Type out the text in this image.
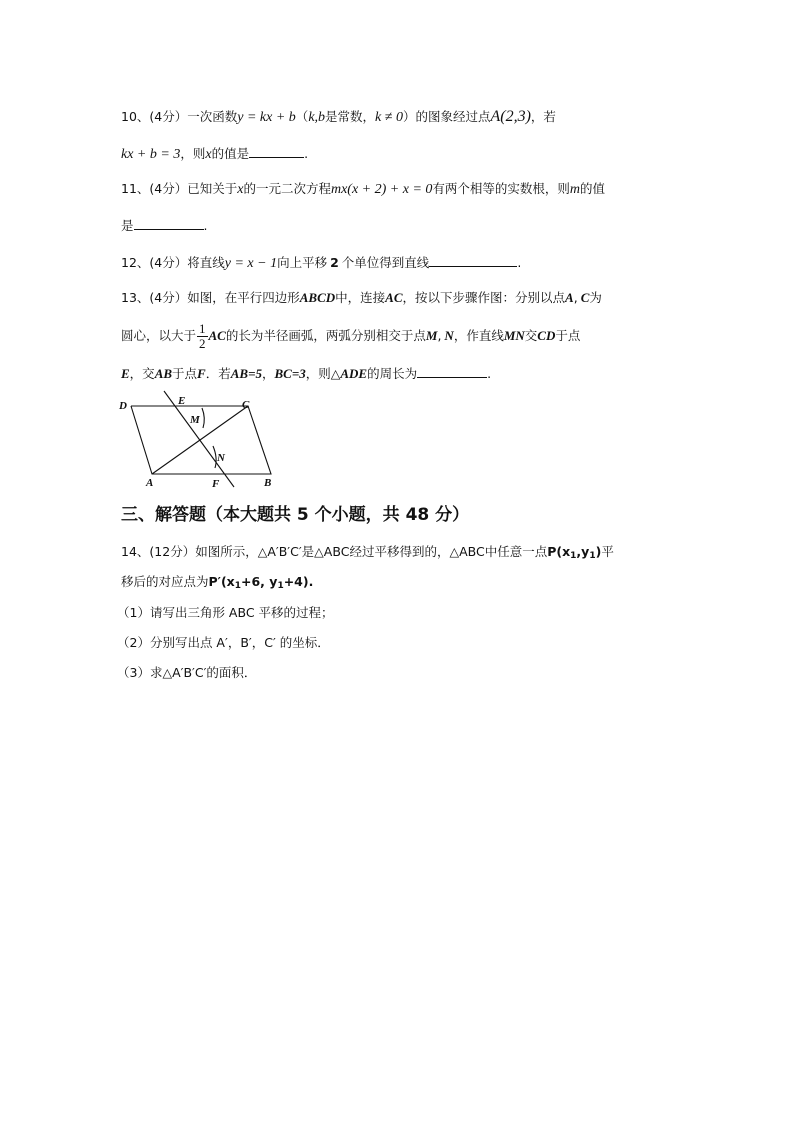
10、(4分）一次函数y = kx + b（k,b是常数，k ≠ 0）的图象经过点A(2,3)，若
kx + b = 3，则x的值是	.
11、(4分）已知关于x的一元二次方程mx(x + 2) + x = 0有两个相等的实数根，则m的值
是	.
12、(4分）将直线y = x − 1向上平移 2 个单位得到直线	.
13、(4分）如图，在平行四边形ABCD中，连接AC，按以下步骤作图：分别以点A, C为
圆心，以大于 $\frac{1}{2}$ AC的长为半径画弧，两弧分别相交于点M, N，作直线MN交CD于点
E，交AB于点F．若AB=5，BC=3，则△ADE的周长为	.
D	E	C
M
N
A	F	B
三、解答题（本大题共 5 个小题，共 48 分）
14、(12分）如图所示，△A′B′C′是△ABC经过平移得到的，△ABC中任意一点$P(x_1,y_1)$平
移后的对应点为$P'(x_1+6$, $y_1+4$).
（1）请写出三角形 ABC 平移的过程；
（2）分别写出点 A′，B′，C′ 的坐标．
（3）求△A′B′C′的面积．
